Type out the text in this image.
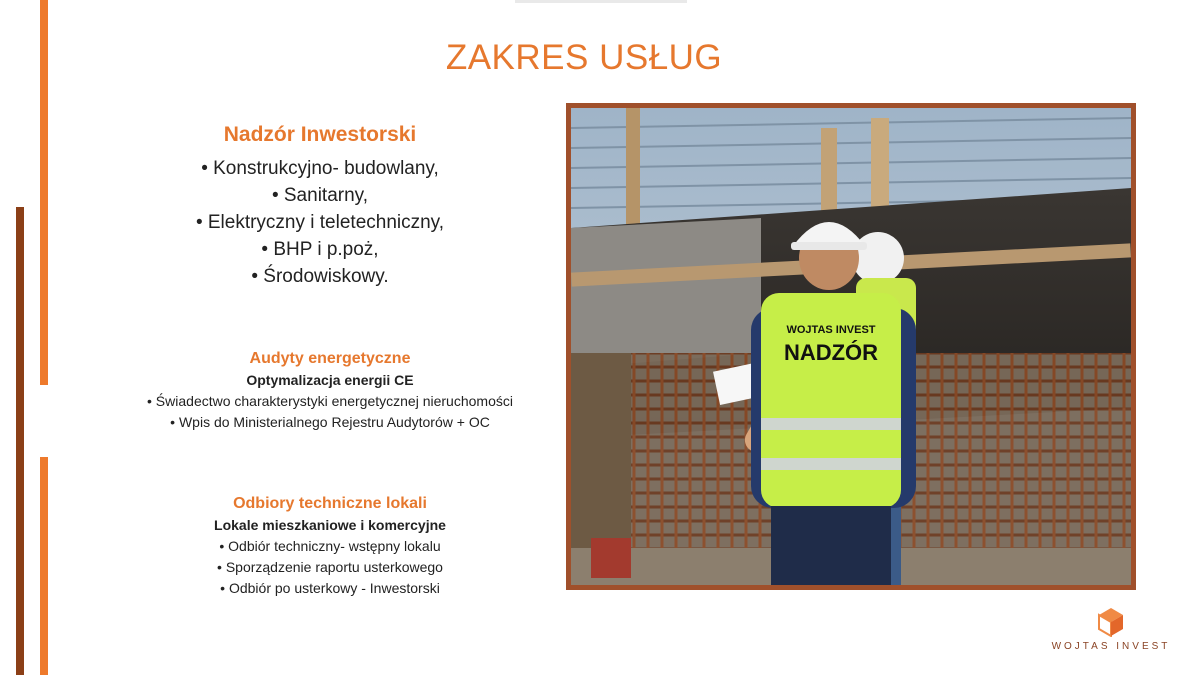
ZAKRES USŁUG
Nadzór Inwestorski
• Konstrukcyjno- budowlany,
• Sanitarny,
• Elektryczny i teletechniczny,
• BHP i p.poż,
• Środowiskowy.
Audyty energetyczne
Optymalizacja energii CE
• Świadectwo charakterystyki energetycznej nieruchomości
• Wpis do Ministerialnego Rejestru Audytorów + OC
Odbiory techniczne lokali
Lokale mieszkaniowe i komercyjne
• Odbiór techniczny- wstępny lokalu
• Sporządzenie raportu usterkowego
• Odbiór po usterkowy - Inwestorski
WOJTAS INVEST
NADZÓR
WOJTAS INVEST
